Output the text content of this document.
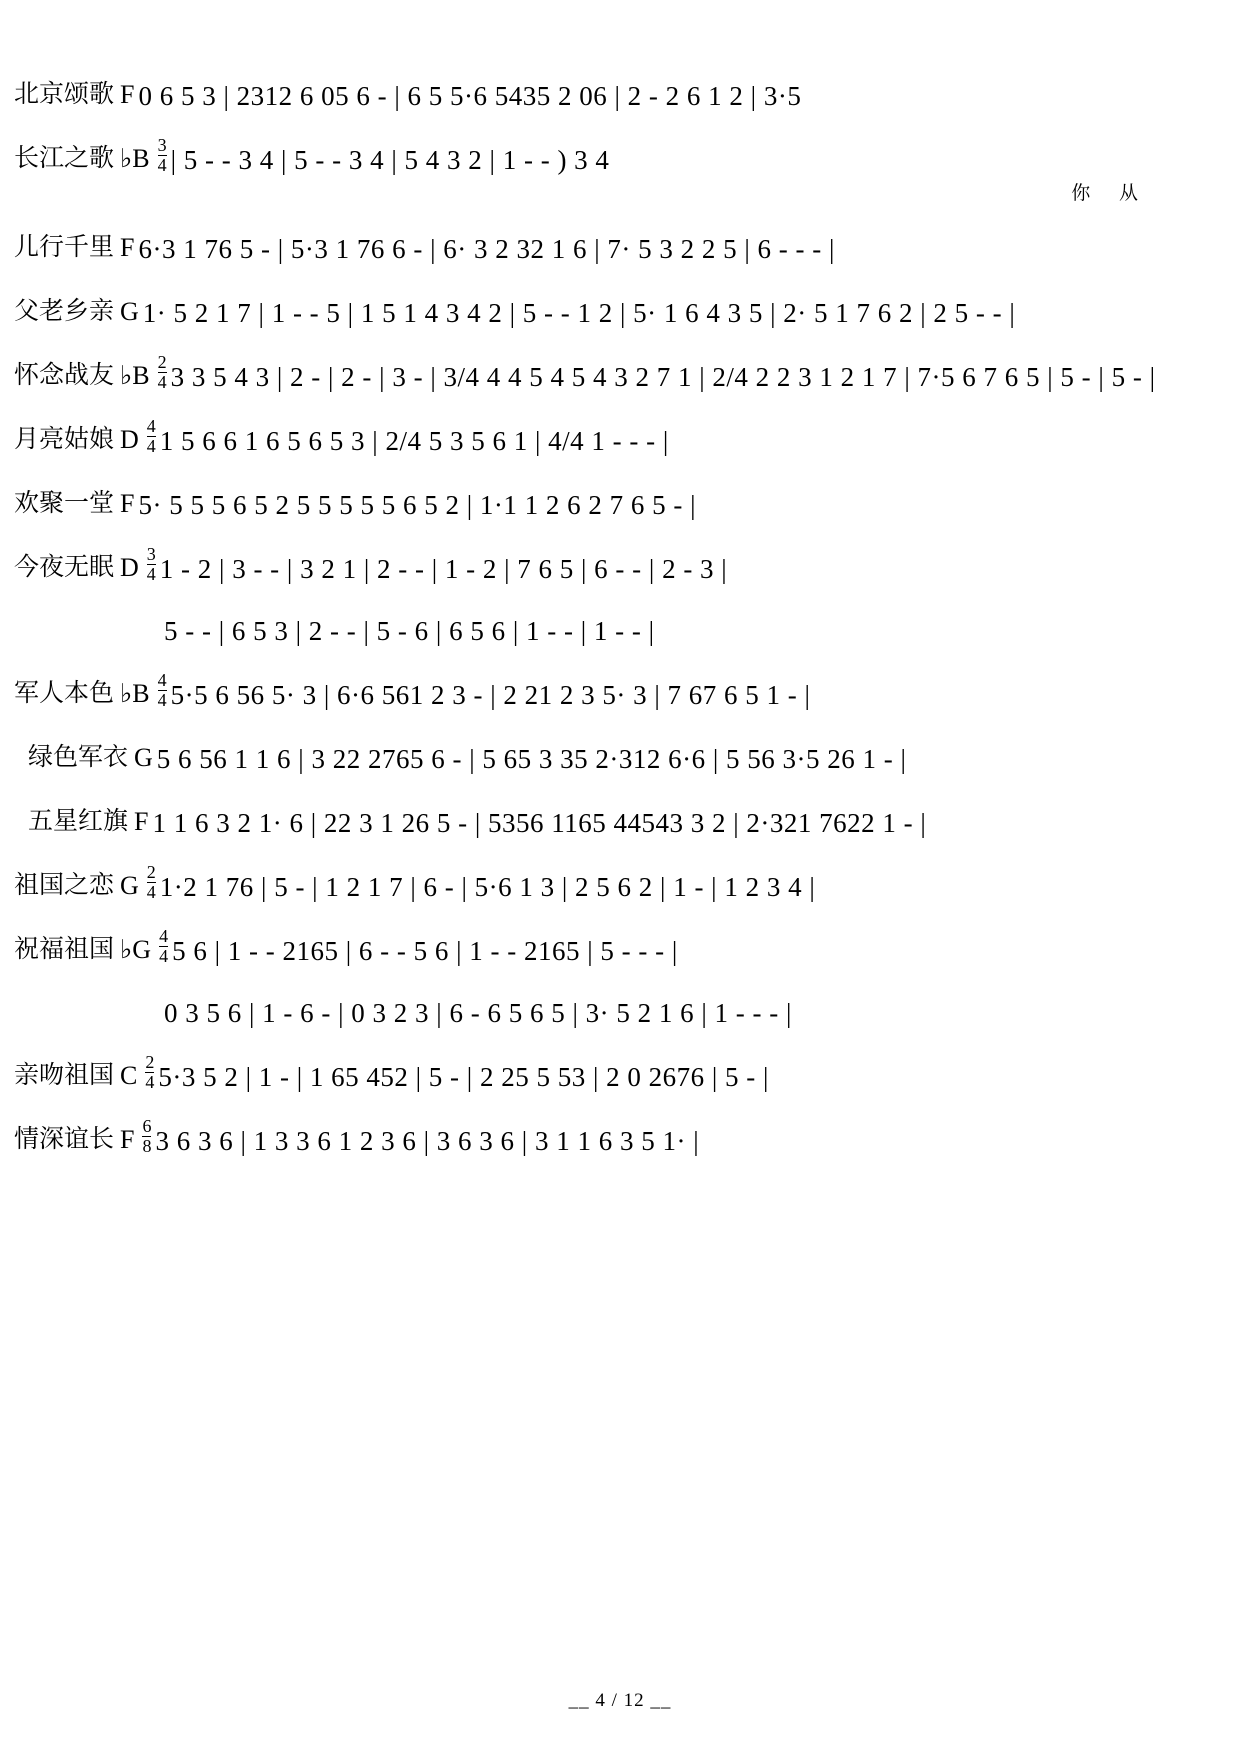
北京颂歌 F 0 6 5 3 | 2312 6 05 6 - | 6 5 5·6 5435 2 06 | 2 - 2 6 1 2 | 3·5
长江之歌 ♭B $\frac{3}{4}$ | 5 - - 3 4 | 5 - - 3 4 | 5 4 3 2 | 1 - - ) 3 4
你 从
儿行千里 F 6·3 1 76 5 - | 5·3 1 76 6 - | 6· 3 2 32 1 6 | 7· 5 3 2 2 5 | 6 - - - |
父老乡亲 G 1· 5 2 1 7 | 1 - - 5 | 1 5 1 4 3 4 2 | 5 - - 1 2 | 5· 1 6 4 3 5 | 2· 5 1 7 6 2 | 2 5 - - |
怀念战友 ♭B $\frac{2}{4} 3$ 3 5 4 3 | 2 - | 2 - | 3 - | 3/4 4 4 5 4 5 4 3 2 7 1 | 2/4 2 2 3 1 2 1 7 | 7·5 6 7 6 5 | 5 - | 5 - |
月亮姑娘 D $\frac{4}{4} 1$ 5 6 6 1 6 5 6 5 3 | 2/4 5 3 5 6 1 | 4/4 1 - - - |
欢聚一堂 F 5· 5 5 5 6 5 2 5 5 5 5 5 6 5 2 | 1·1 1 2 6 2 7 6 5 - |
今夜无眠 D $\frac{3}{4} 1 - 2$ | 3 - - | 3 2 1 | 2 - - | 1 - 2 | 7 6 5 | 6 - - | 2 - 3 |
5 - - | 6 5 3 | 2 - - | 5 - 6 | 6 5 6 | 1 - - | 1 - - |
军人本色 ♭B $\frac{4}{4} 5\cdot 5$ 6 56 5· 3 | 6·6 561 2 3 - | 2 21 2 3 5· 3 | 7 67 6 5 1 - |
绿色军衣 G 5 6 56 1 1 6 | 3 22 2765 6 - | 5 65 3 35 2·312 6·6 | 5 56 3·5 26 1 - |
五星红旗 F 1 1 6 3 2 1· 6 | 22 3 1 26 5 - | 5356 1165 44543 3 2 | 2·321 7622 1 - |
祖国之恋 G $\frac{2}{4} 1\cdot 2$ 1 76 | 5 - | 1 2 1 7 | 6 - | 5·6 1 3 | 2 5 6 2 | 1 - | 1 2 3 4 |
祝福祖国 ♭G $\frac{4}{4} 5$ 6 | 1 - - 2165 | 6 - - 5 6 | 1 - - 2165 | 5 - - - |
0 3 5 6 | 1 - 6 - | 0 3 2 3 | 6 - 6 5 6 5 | 3· 5 2 1 6 | 1 - - - |
亲吻祖国 C $\frac{2}{4} 5\cdot 3$ 5 2 | 1 - | 1 65 452 | 5 - | 2 25 5 53 | 2 0 2676 | 5 - |
情深谊长 F $\frac{6}{8} 3$ 6 3 6 | 1 3 3 6 1 2 3 6 | 3 6 3 6 | 3 1 1 6 3 5 1· |
__ 4 / 12 __
